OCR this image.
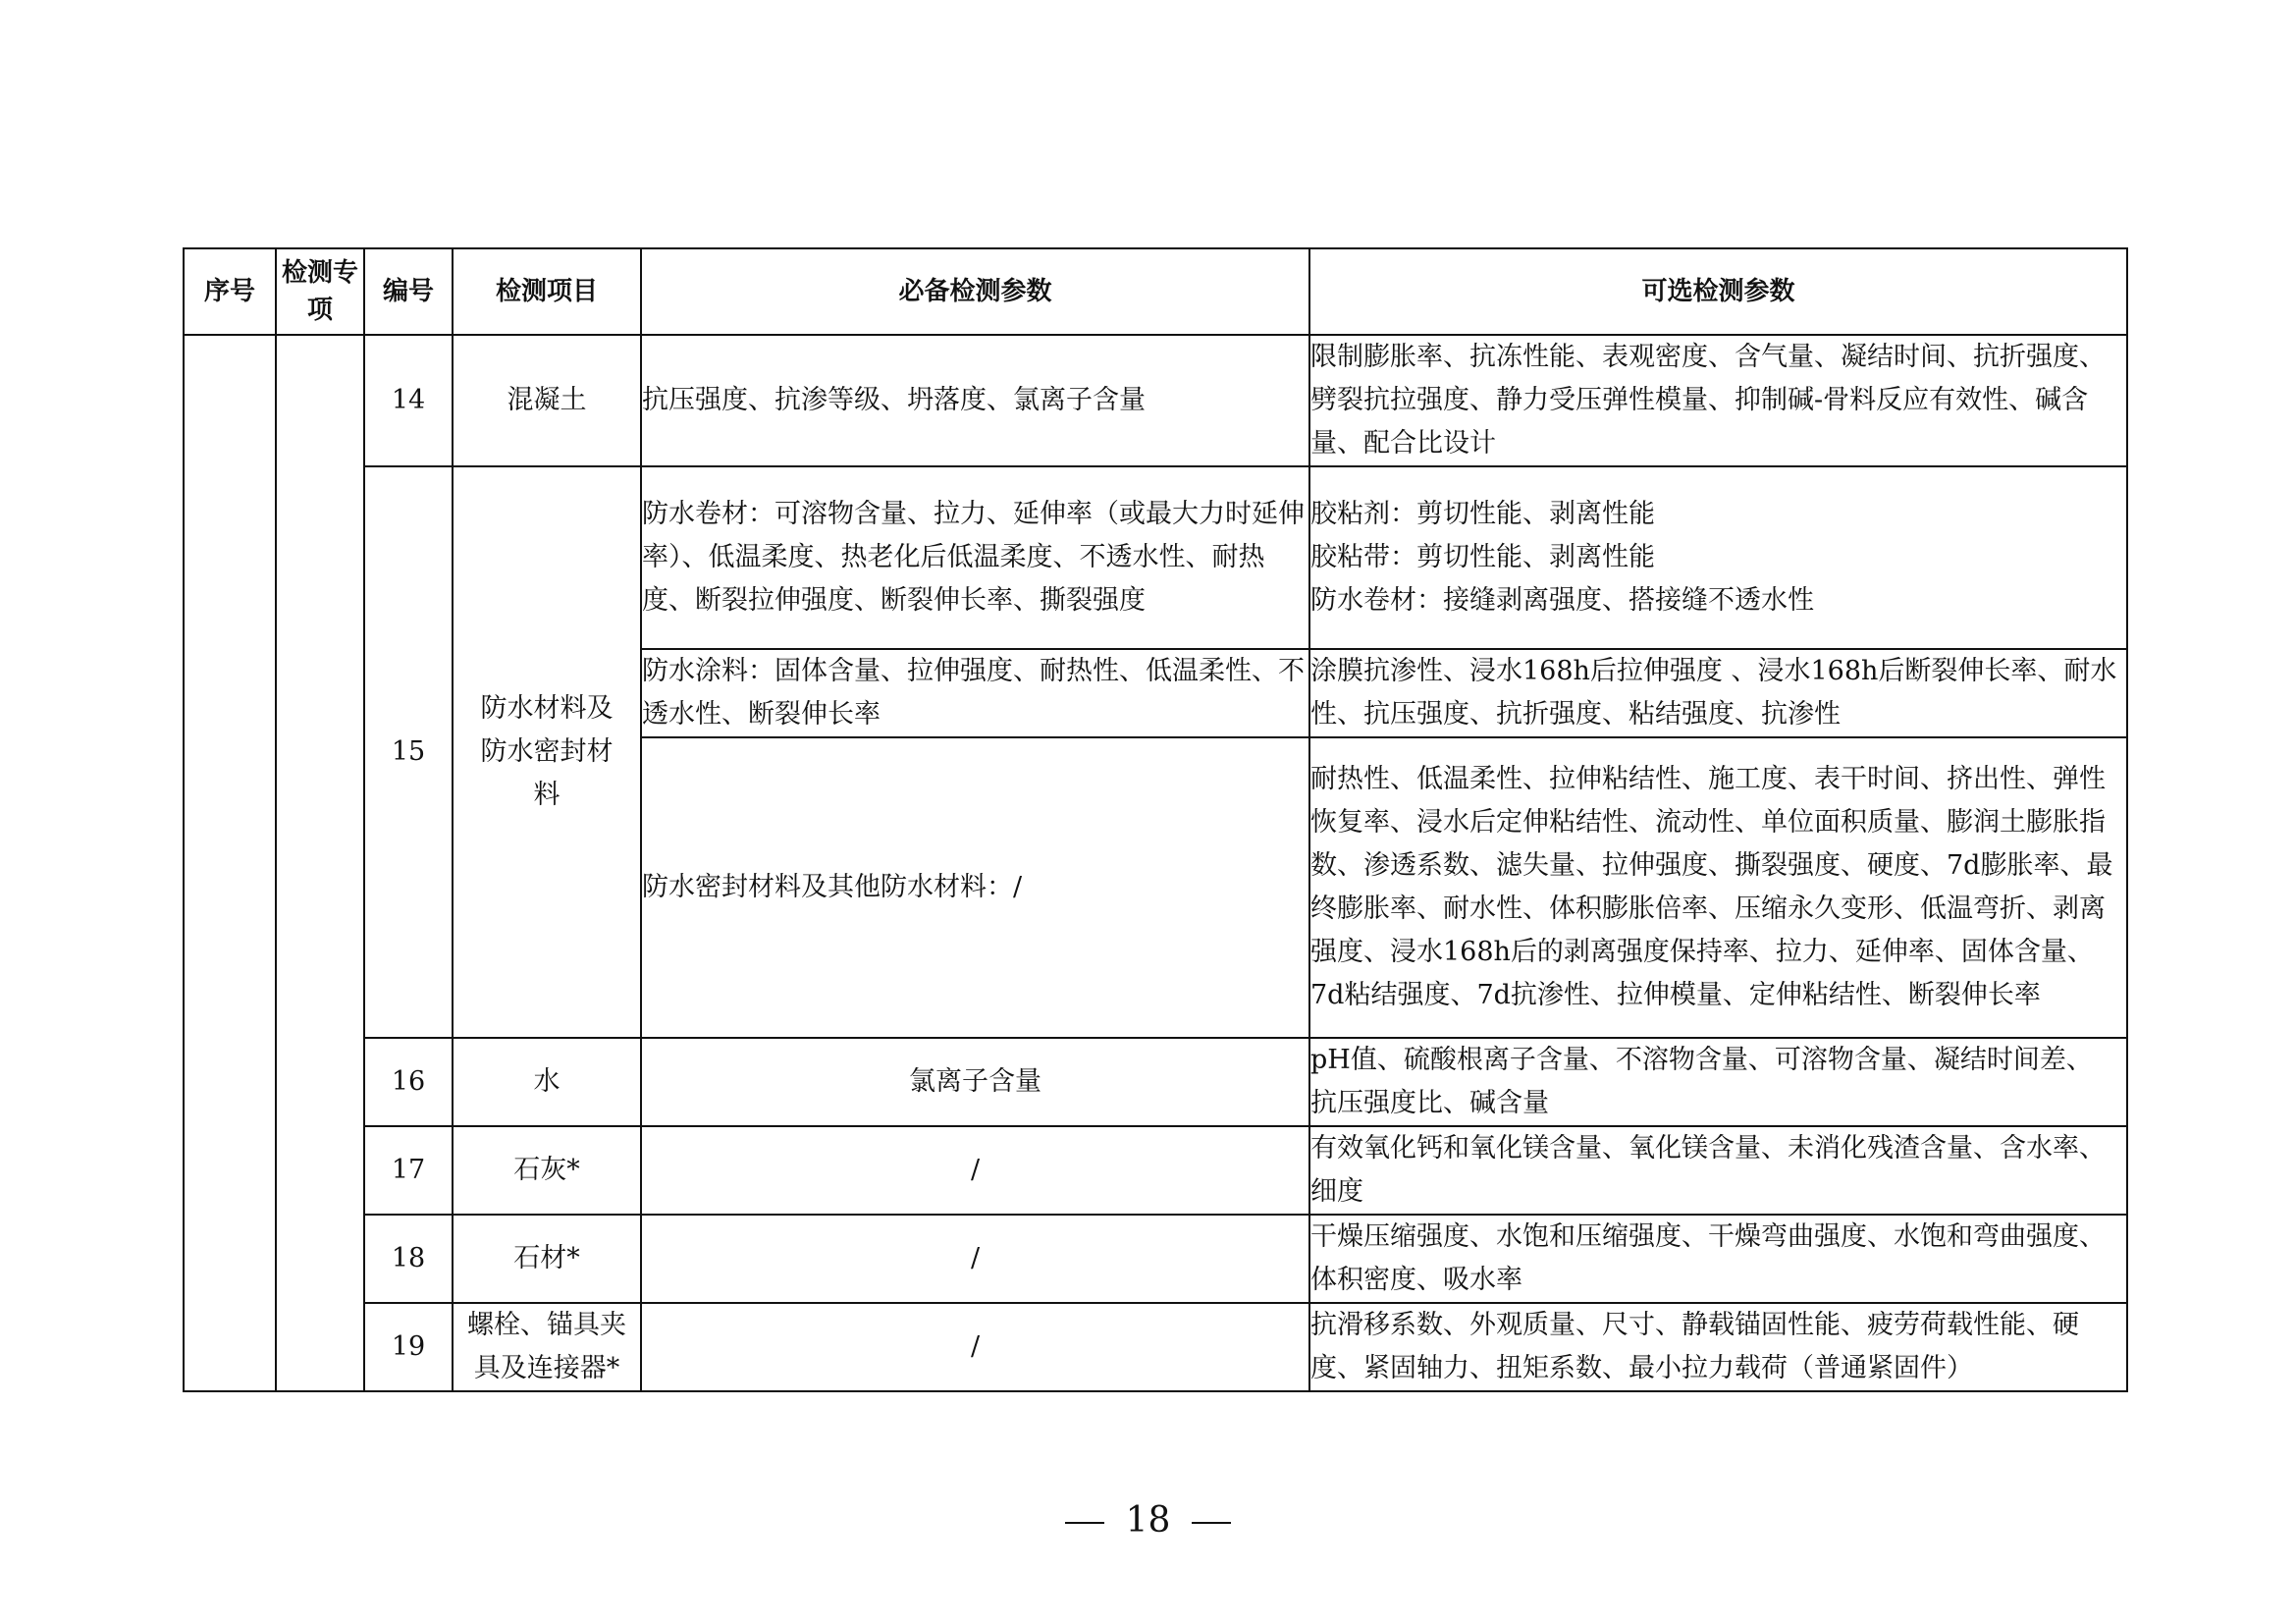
序号	检测专项	编号	检测项目	必备检测参数	可选检测参数
		14	混凝土	抗压强度、抗渗等级、坍落度、氯离子含量	限制膨胀率、抗冻性能、表观密度、含气量、凝结时间、抗折强度、劈裂抗拉强度、静力受压弹性模量、抑制碱-骨料反应有效性、碱含量、配合比设计
		15	防水材料及防水密封材料	防水卷材：可溶物含量、拉力、延伸率（或最大力时延伸率）、低温柔度、热老化后低温柔度、不透水性、耐热度、断裂拉伸强度、断裂伸长率、撕裂强度	胶粘剂：剪切性能、剥离性能
胶粘带：剪切性能、剥离性能
防水卷材：接缝剥离强度、搭接缝不透水性

				防水涂料：固体含量、拉伸强度、耐热性、低温柔性、不透水性、断裂伸长率	涂膜抗渗性、浸水168h后拉伸强度 、浸水168h后断裂伸长率、耐水性、抗压强度、抗折强度、粘结强度、抗渗性
				防水密封材料及其他防水材料：/	耐热性、低温柔性、拉伸粘结性、施工度、表干时间、挤出性、弹性恢复率、浸水后定伸粘结性、流动性、单位面积质量、膨润土膨胀指数、渗透系数、滤失量、拉伸强度、撕裂强度、硬度、7d膨胀率、最终膨胀率、耐水性、体积膨胀倍率、压缩永久变形、低温弯折、剥离强度、浸水168h后的剥离强度保持率、拉力、延伸率、固体含量、7d粘结强度、7d抗渗性、拉伸模量、定伸粘结性、断裂伸长率
		16	水	氯离子含量	pH值、硫酸根离子含量、不溶物含量、可溶物含量、凝结时间差、 抗压强度比、碱含量
		17	石灰*	/	有效氧化钙和氧化镁含量、氧化镁含量、未消化残渣含量、含水率、细度
		18	石材*	/	干燥压缩强度、水饱和压缩强度、干燥弯曲强度、水饱和弯曲强度、体积密度、吸水率
		19	螺栓、锚具夹具及连接器*	/	抗滑移系数、外观质量、尺寸、静载锚固性能、疲劳荷载性能、硬度、紧固轴力、扭矩系数、最小拉力载荷（普通紧固件）
18
